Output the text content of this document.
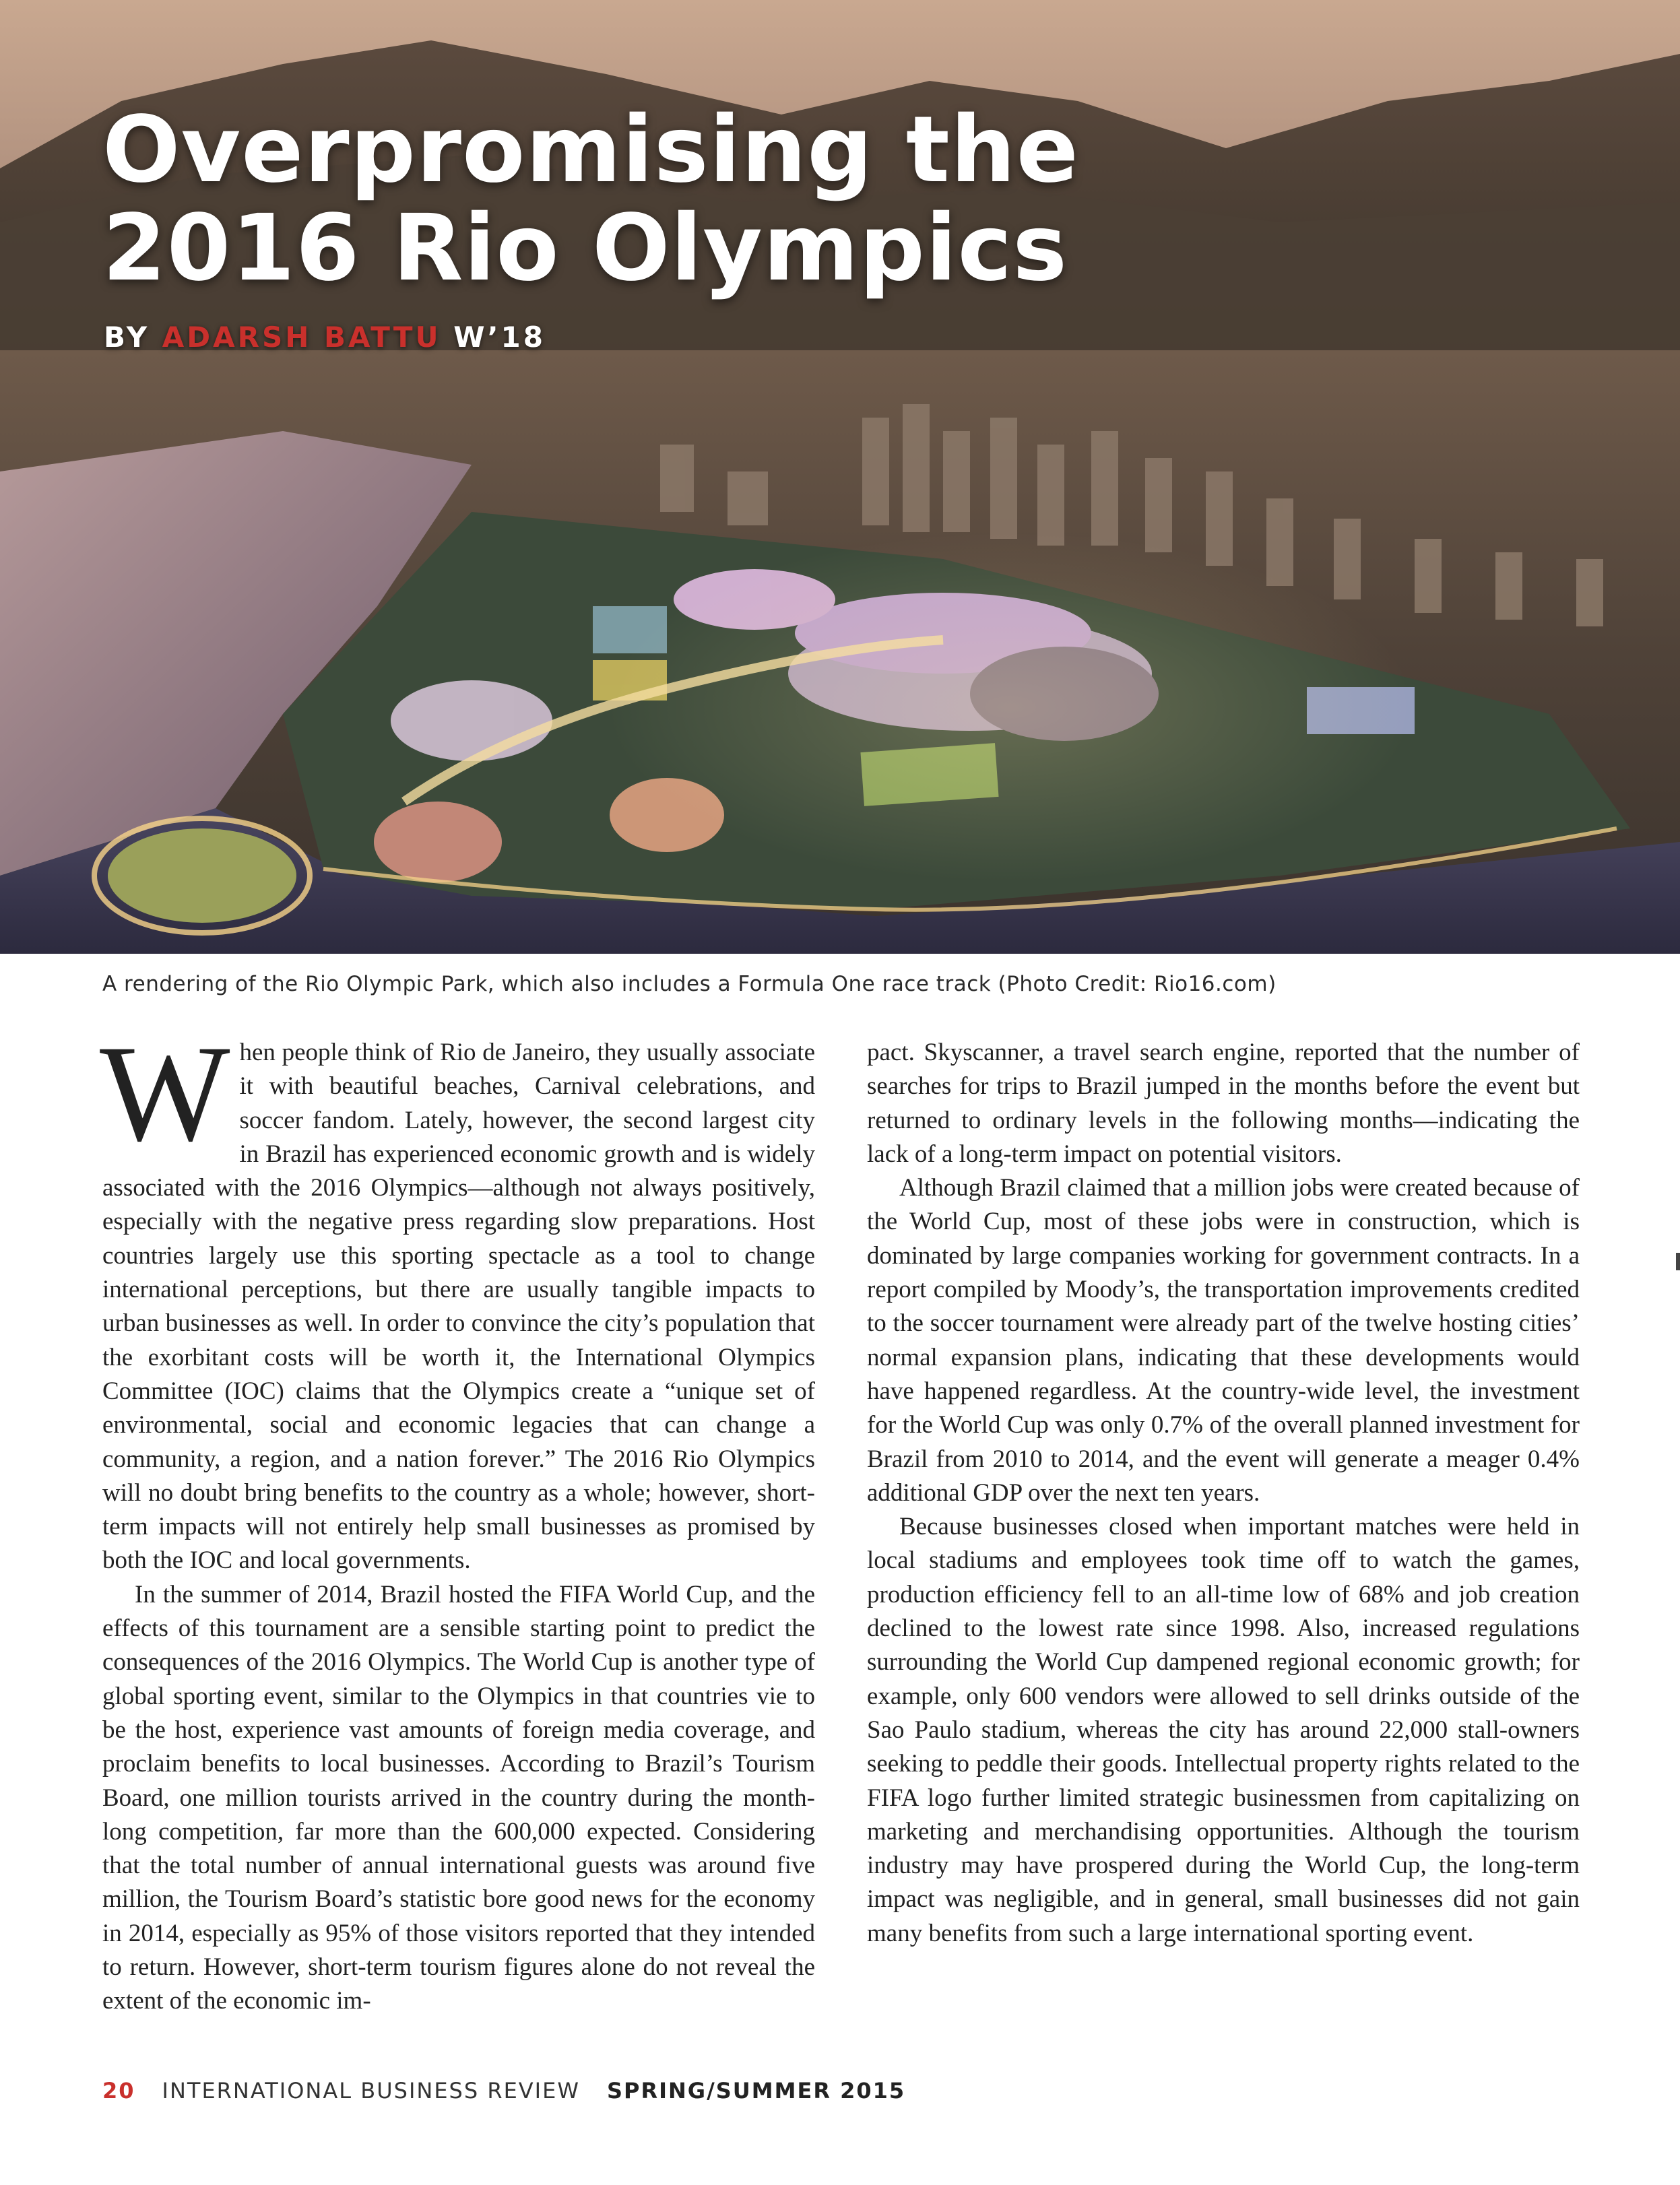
Overpromising the
2016 Rio Olympics
BY ADARSH BATTU W’18
A rendering of the Rio Olympic Park, which also includes a Formula One race track (Photo Credit: Rio16.com)

When people think of Rio de Janeiro, they usually associate it with beautiful beaches, Carnival celebrations, and soccer fandom. Lately, however, the second largest city in Brazil has experienced economic growth and is widely associated with the 2016 Olympics—although not always positively, especially with the negative press regarding slow preparations. Host countries largely use this sporting spectacle as a tool to change international perceptions, but there are usually tangible impacts to urban businesses as well. In order to convince the city’s population that the exorbitant costs will be worth it, the International Olympics Committee (IOC) claims that the Olympics create a “unique set of environmental, social and economic legacies that can change a community, a region, and a nation forever.” The 2016 Rio Olympics will no doubt bring benefits to the country as a whole; however, short-term impacts will not entirely help small businesses as promised by both the IOC and local governments.

In the summer of 2014, Brazil hosted the FIFA World Cup, and the effects of this tournament are a sensible starting point to predict the consequences of the 2016 Olympics. The World Cup is another type of global sporting event, similar to the Olympics in that countries vie to be the host, experience vast amounts of foreign media coverage, and proclaim benefits to local businesses. According to Brazil’s Tourism Board, one million tourists arrived in the country during the month-long competition, far more than the 600,000 expected. Considering that the total number of annual international guests was around five million, the Tourism Board’s statistic bore good news for the economy in 2014, especially as 95% of those visitors reported that they intended to return. However, short-term tourism figures alone do not reveal the extent of the economic im-

pact. Skyscanner, a travel search engine, reported that the number of searches for trips to Brazil jumped in the months before the event but returned to ordinary levels in the following months—indicating the lack of a long-term impact on potential visitors.

Although Brazil claimed that a million jobs were created because of the World Cup, most of these jobs were in construction, which is dominated by large companies working for government contracts. In a report compiled by Moody’s, the transportation improvements credited to the soccer tournament were already part of the twelve hosting cities’ normal expansion plans, indicating that these developments would have happened regardless. At the country-wide level, the investment for the World Cup was only 0.7% of the overall planned investment for Brazil from 2010 to 2014, and the event will generate a meager 0.4% additional GDP over the next ten years.

Because businesses closed when important matches were held in local stadiums and employees took time off to watch the games, production efficiency fell to an all-time low of 68% and job creation declined to the lowest rate since 1998. Also, increased regulations surrounding the World Cup dampened regional economic growth; for example, only 600 vendors were allowed to sell drinks outside of the Sao Paulo stadium, whereas the city has around 22,000 stall-owners seeking to peddle their goods. Intellectual property rights related to the FIFA logo further limited strategic businessmen from capitalizing on marketing and merchandising opportunities. Although the tourism industry may have prospered during the World Cup, the long-term impact was negligible, and in general, small businesses did not gain many benefits from such a large international sporting event.

20 INTERNATIONAL BUSINESS REVIEW SPRING/SUMMER 2015
